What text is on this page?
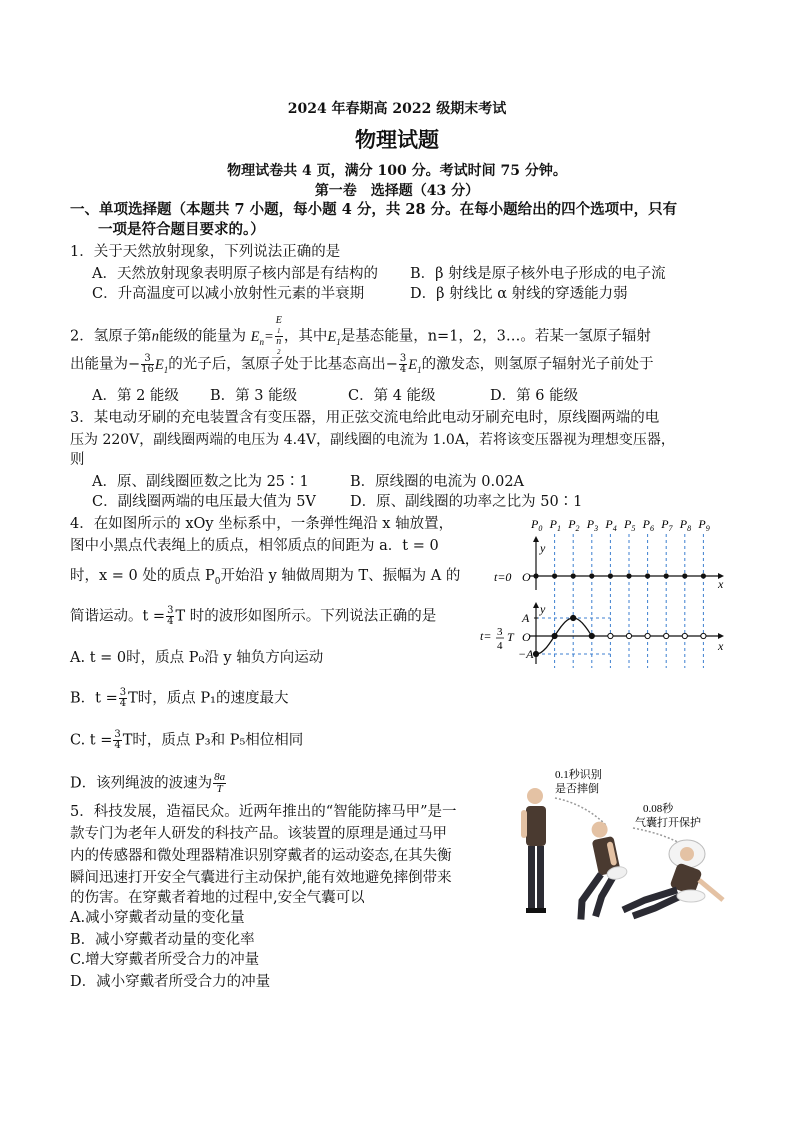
2024 年春期高 2022 级期末考试
物理试题
物理试卷共 4 页，满分 100 分。考试时间 75 分钟。
第一卷　选择题（43 分）
一、单项选择题（本题共 7 小题，每小题 4 分，共 28 分。在每小题给出的四个选项中，只有
一项是符合题目要求的。）
1．关于天然放射现象，下列说法正确的是
A．天然放射现象表明原子核内部是有结构的 B．β 射线是原子核外电子形成的电子流
C．升高温度可以减小放射性元素的半衰期	D．β 射线比 α 射线的穿透能力弱
2．氢原子第n能级的能量为 $E_n= E$
1
n
2 ，其中$E_1$是基态能量，n=1，2，3…。若某一氢原子辐射
出能量为− $\frac{3}{16} E_1$的光子后，氢原子处于比基态高出− $\frac{3}{4} E_1$的激发态，则氢原子辐射光子前处于
A．第 2 能级 B．第 3 能级	C．第 4 能级	D．第 6 能级
3．某电动牙刷的充电装置含有变压器，用正弦交流电给此电动牙刷充电时，原线圈两端的电
压为 220V，副线圈两端的电压为 4.4V，副线圈的电流为 1.0A，若将该变压器视为理想变压器，
则
A．原、副线圈匝数之比为 25∶1	B．原线圈的电流为 0.02A
C．副线圈两端的电压最大值为 5V D．原、副线圈的功率之比为 50∶1
4．在如图所示的 xOy 坐标系中，一条弹性绳沿 x 轴放置，
图中小黑点代表绳上的质点，相邻质点的间距为 a．t = 0
时，x = 0 处的质点 $P_0$开始沿 y 轴做周期为 T、振幅为 A 的
简谐运动。$t = \frac{3}{4}$ T 时的波形如图所示。下列说法正确的是
A. t = 0时，质点 P₀沿 y 轴负方向运动
B．$t = \frac{3}{4}$ T时，质点 P₁的速度最大
C. $t = \frac{3}{4}$ T时，质点 P₃和 P₅相位相同
D．该列绳波的波速为 $\frac{8a}{T}$
$P_0$ $P_1$ $P_2$ $P_3$ $P_4$ $P_5$ $P_6$ $P_7$ $P_8$ $P_9$
y
x
t=0 O
y
x
A
−A
O
t= 3
4
T
5．科技发展，造福民众。近两年推出的“智能防摔马甲”是一
款专门为老年人研发的科技产品。该装置的原理是通过马甲
内的传感器和微处理器精准识别穿戴者的运动姿态,在其失衡
瞬间迅速打开安全气囊进行主动保护,能有效地避免摔倒带来
的伤害。在穿戴者着地的过程中,安全气囊可以
A.减小穿戴者动量的变化量
B．减小穿戴者动量的变化率
C.增大穿戴者所受合力的冲量
D．减小穿戴者所受合力的冲量
0.1秒识别
是否摔倒
0.08秒
气囊打开保护
